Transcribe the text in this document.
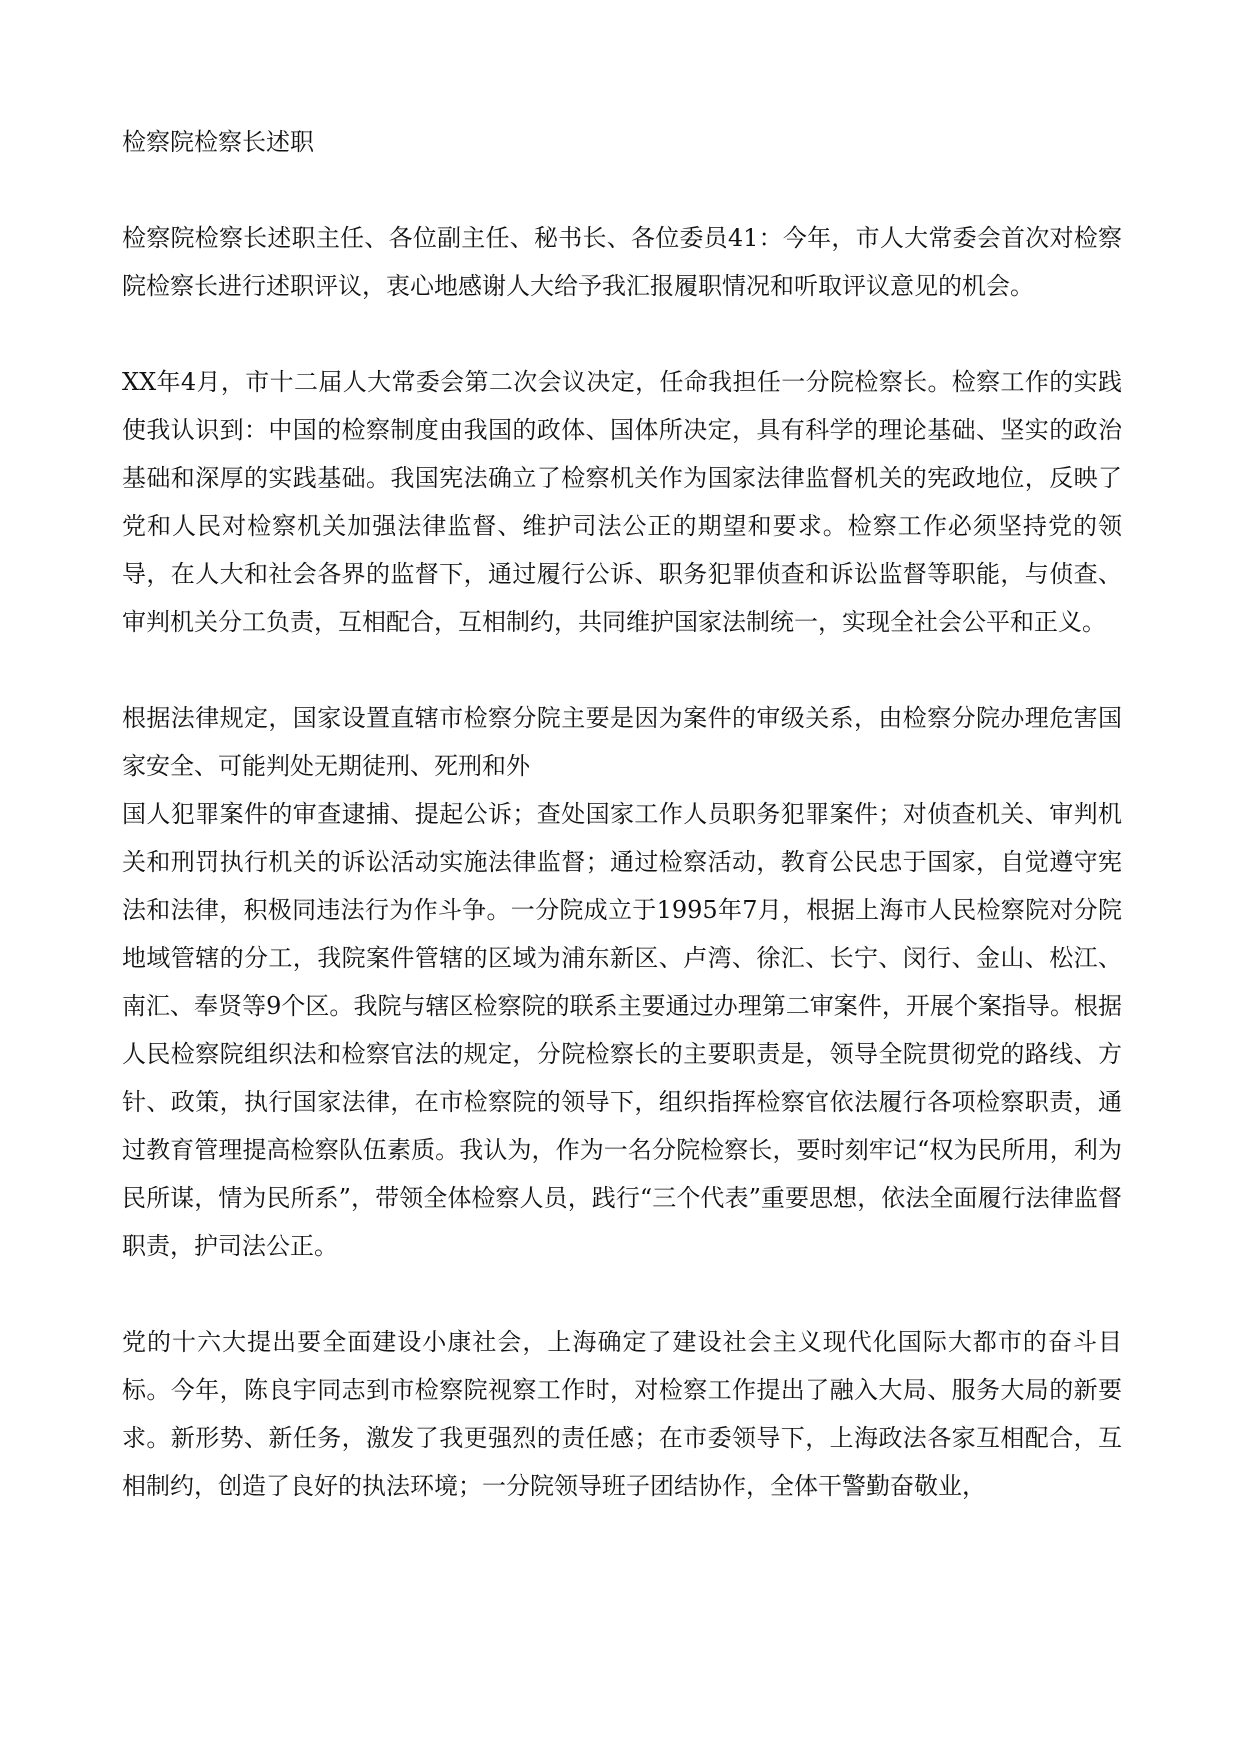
检察院检察长述职

检察院检察长述职主任、各位副主任、秘书长、各位委员41：今年，市人大常委会首次对检察院检察长进行述职评议，衷心地感谢人大给予我汇报履职情况和听取评议意见的机会。

XX年4月，市十二届人大常委会第二次会议决定，任命我担任一分院检察长。检察工作的实践使我认识到：中国的检察制度由我国的政体、国体所决定，具有科学的理论基础、坚实的政治基础和深厚的实践基础。我国宪法确立了检察机关作为国家法律监督机关的宪政地位，反映了党和人民对检察机关加强法律监督、维护司法公正的期望和要求。检察工作必须坚持党的领导，在人大和社会各界的监督下，通过履行公诉、职务犯罪侦查和诉讼监督等职能，与侦查、审判机关分工负责，互相配合，互相制约，共同维护国家法制统一，实现全社会公平和正义。

根据法律规定，国家设置直辖市检察分院主要是因为案件的审级关系，由检察分院办理危害国家安全、可能判处无期徒刑、死刑和外

国人犯罪案件的审查逮捕、提起公诉；查处国家工作人员职务犯罪案件；对侦查机关、审判机关和刑罚执行机关的诉讼活动实施法律监督；通过检察活动，教育公民忠于国家，自觉遵守宪法和法律，积极同违法行为作斗争。一分院成立于1995年7月，根据上海市人民检察院对分院地域管辖的分工，我院案件管辖的区域为浦东新区、卢湾、徐汇、长宁、闵行、金山、松江、南汇、奉贤等9个区。我院与辖区检察院的联系主要通过办理第二审案件，开展个案指导。根据人民检察院组织法和检察官法的规定，分院检察长的主要职责是，领导全院贯彻党的路线、方针、政策，执行国家法律，在市检察院的领导下，组织指挥检察官依法履行各项检察职责，通过教育管理提高检察队伍素质。我认为，作为一名分院检察长，要时刻牢记“权为民所用，利为民所谋，情为民所系”，带领全体检察人员，践行“三个代表”重要思想，依法全面履行法律监督职责，护司法公正。

党的十六大提出要全面建设小康社会，上海确定了建设社会主义现代化国际大都市的奋斗目标。今年，陈良宇同志到市检察院视察工作时，对检察工作提出了融入大局、服务大局的新要求。新形势、新任务，激发了我更强烈的责任感；在市委领导下，上海政法各家互相配合，互相制约，创造了良好的执法环境；一分院领导班子团结协作，全体干警勤奋敬业，
